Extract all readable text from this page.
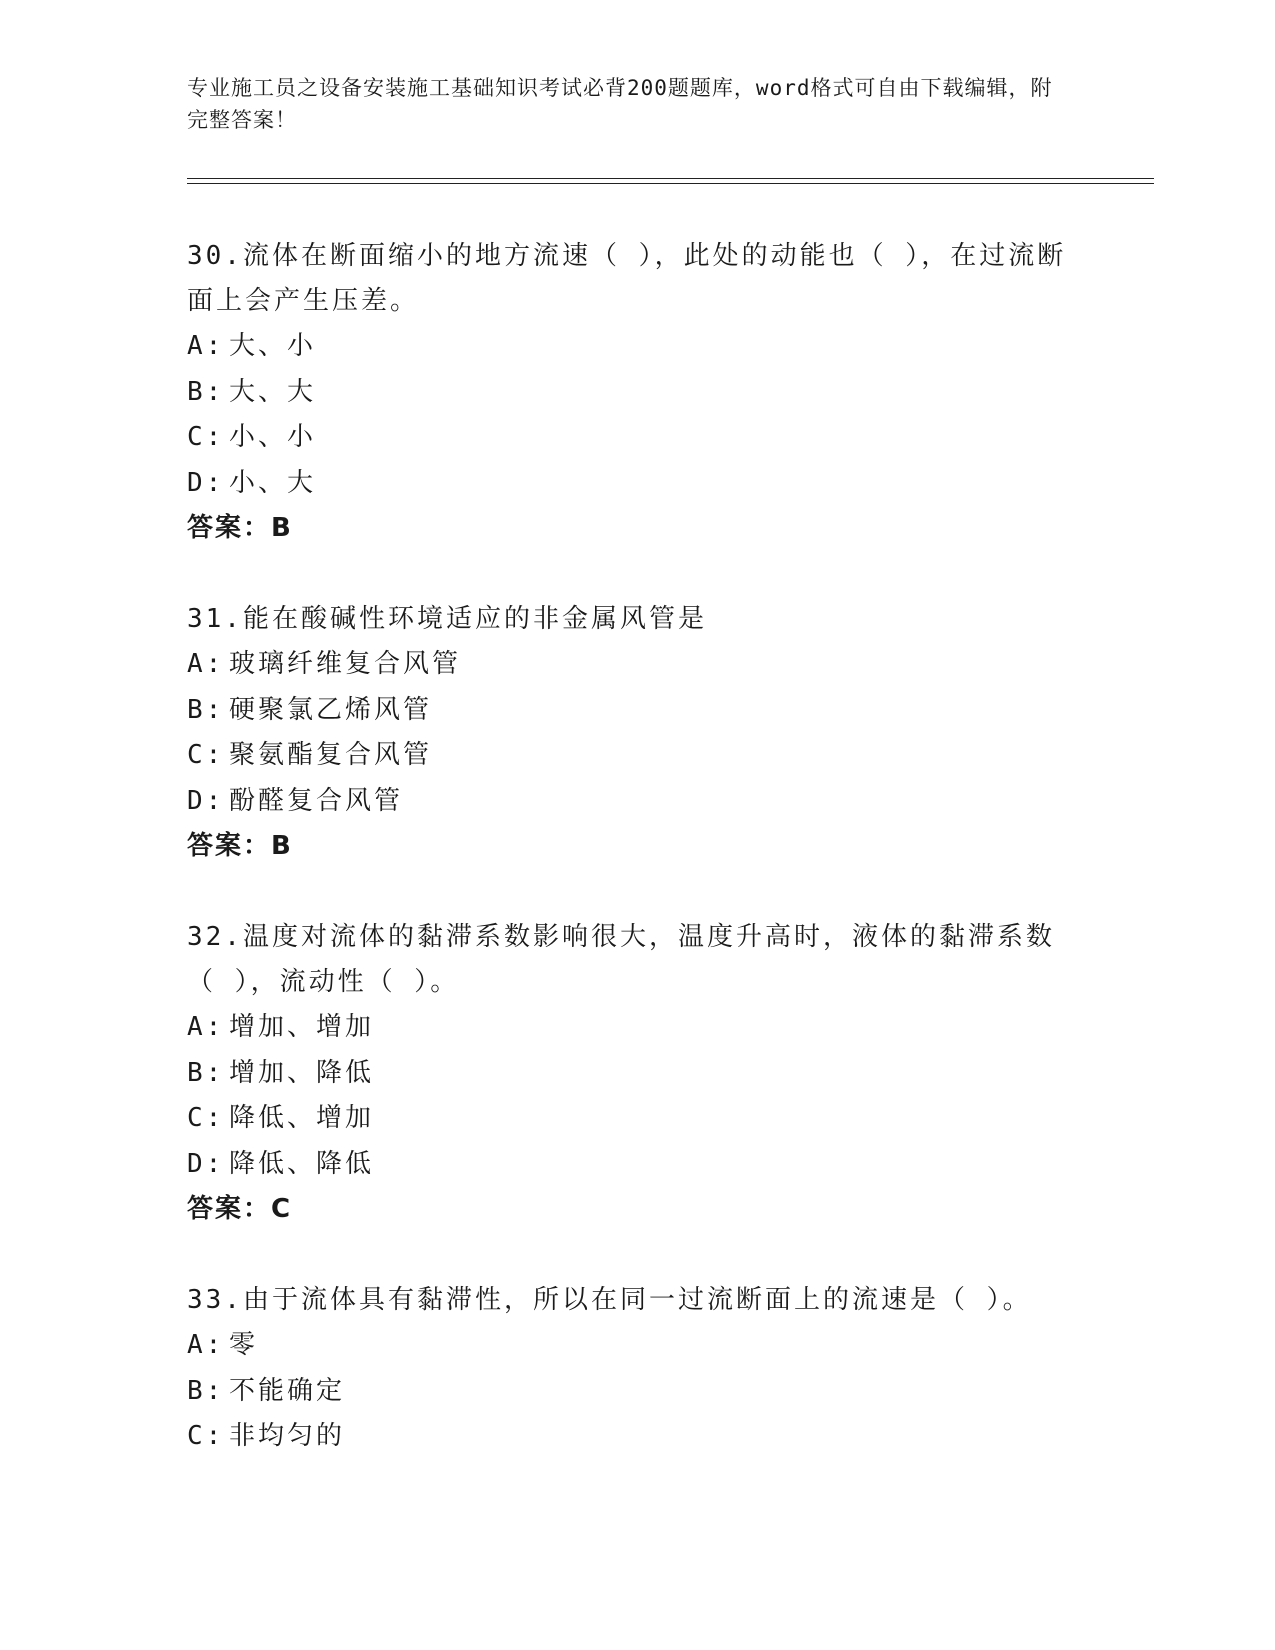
专业施工员之设备安装施工基础知识考试必背200题题库，word格式可自由下载编辑，附完整答案！
30.流体在断面缩小的地方流速（ ），此处的动能也（ ），在过流断面上会产生压差。
A: 大、小
B: 大、大
C: 小、小
D: 小、大
答案：B
31.能在酸碱性环境适应的非金属风管是
A: 玻璃纤维复合风管
B: 硬聚氯乙烯风管
C: 聚氨酯复合风管
D: 酚醛复合风管
答案：B
32.温度对流体的黏滞系数影响很大，温度升高时，液体的黏滞系数（ ），流动性（ ）。
A: 增加、增加
B: 增加、降低
C: 降低、增加
D: 降低、降低
答案：C
33.由于流体具有黏滞性，所以在同一过流断面上的流速是（ ）。
A: 零
B: 不能确定
C: 非均匀的
